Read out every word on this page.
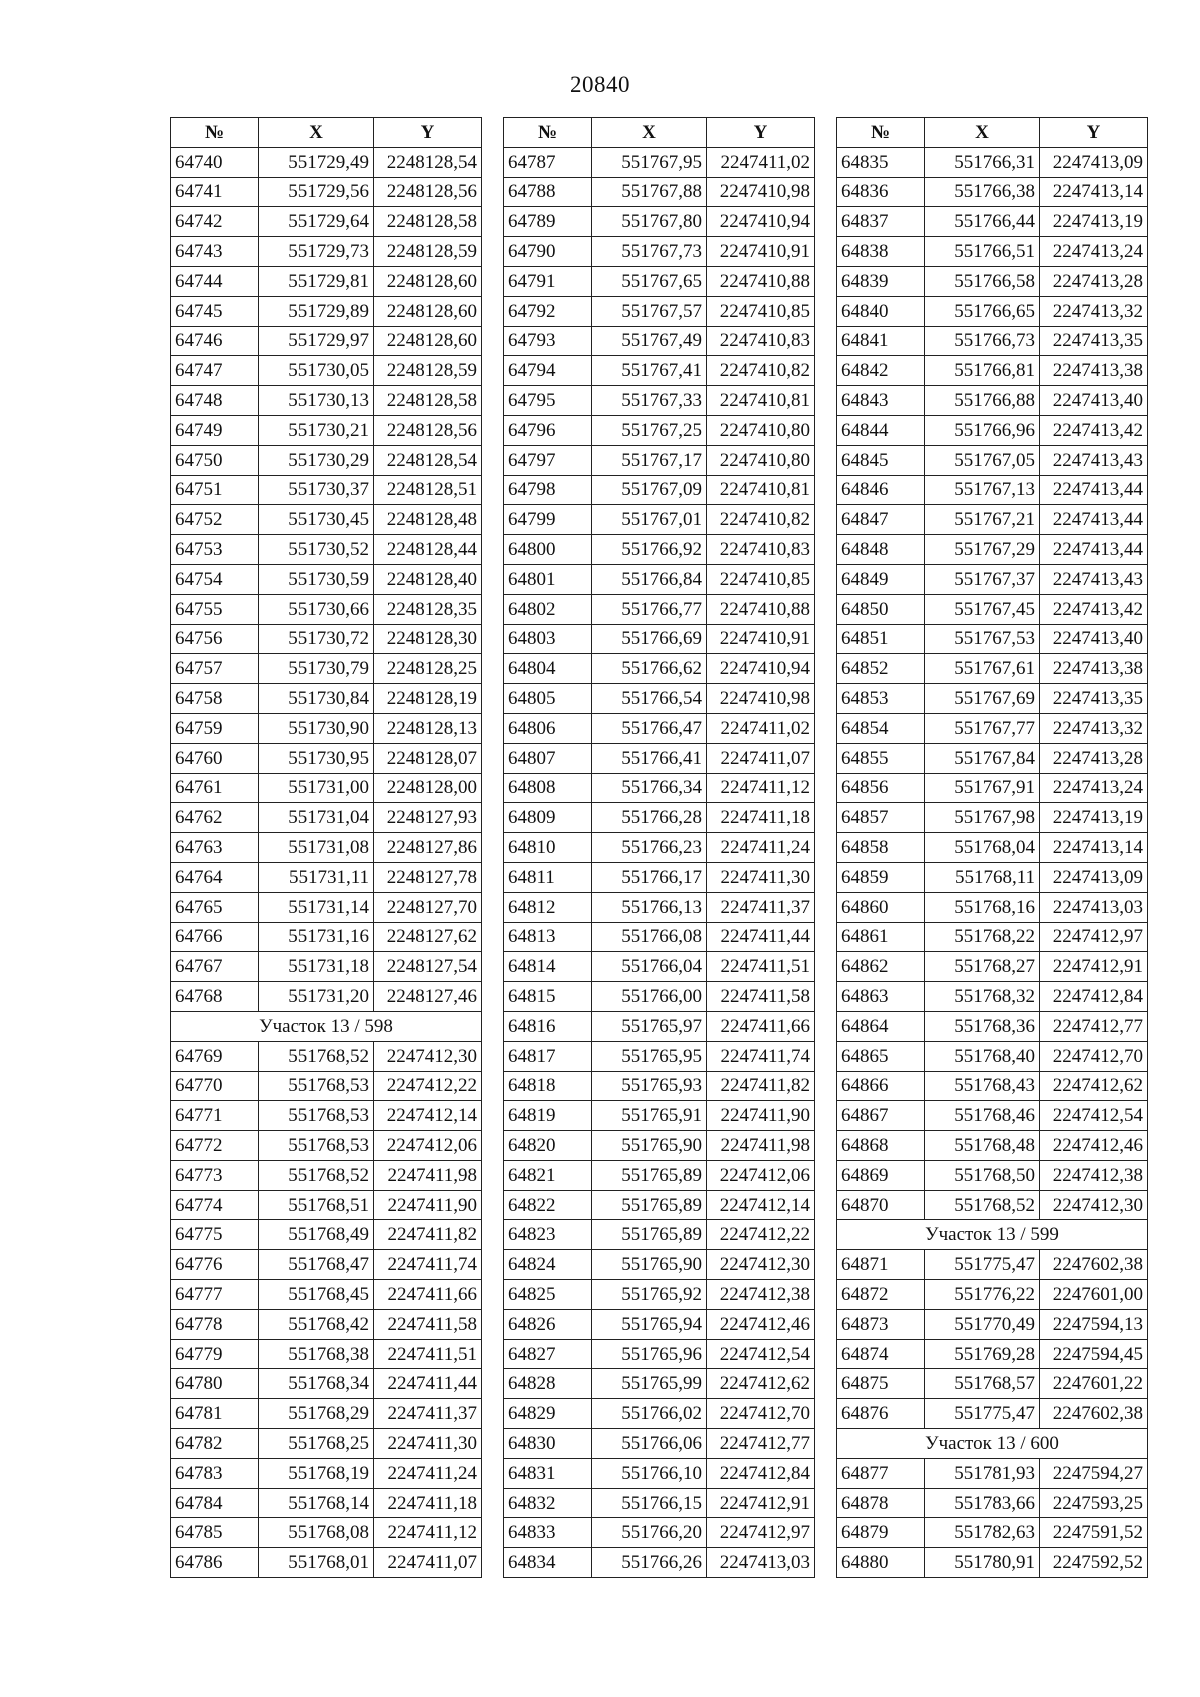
20840
№	X	Y
64740	551729,49	2248128,54
64741	551729,56	2248128,56
64742	551729,64	2248128,58
64743	551729,73	2248128,59
64744	551729,81	2248128,60
64745	551729,89	2248128,60
64746	551729,97	2248128,60
64747	551730,05	2248128,59
64748	551730,13	2248128,58
64749	551730,21	2248128,56
64750	551730,29	2248128,54
64751	551730,37	2248128,51
64752	551730,45	2248128,48
64753	551730,52	2248128,44
64754	551730,59	2248128,40
64755	551730,66	2248128,35
64756	551730,72	2248128,30
64757	551730,79	2248128,25
64758	551730,84	2248128,19
64759	551730,90	2248128,13
64760	551730,95	2248128,07
64761	551731,00	2248128,00
64762	551731,04	2248127,93
64763	551731,08	2248127,86
64764	551731,11	2248127,78
64765	551731,14	2248127,70
64766	551731,16	2248127,62
64767	551731,18	2248127,54
64768	551731,20	2248127,46
Участок 13 / 598		
64769	551768,52	2247412,30
64770	551768,53	2247412,22
64771	551768,53	2247412,14
64772	551768,53	2247412,06
64773	551768,52	2247411,98
64774	551768,51	2247411,90
64775	551768,49	2247411,82
64776	551768,47	2247411,74
64777	551768,45	2247411,66
64778	551768,42	2247411,58
64779	551768,38	2247411,51
64780	551768,34	2247411,44
64781	551768,29	2247411,37
64782	551768,25	2247411,30
64783	551768,19	2247411,24
64784	551768,14	2247411,18
64785	551768,08	2247411,12
64786	551768,01	2247411,07
№	X	Y
64787	551767,95	2247411,02
64788	551767,88	2247410,98
64789	551767,80	2247410,94
64790	551767,73	2247410,91
64791	551767,65	2247410,88
64792	551767,57	2247410,85
64793	551767,49	2247410,83
64794	551767,41	2247410,82
64795	551767,33	2247410,81
64796	551767,25	2247410,80
64797	551767,17	2247410,80
64798	551767,09	2247410,81
64799	551767,01	2247410,82
64800	551766,92	2247410,83
64801	551766,84	2247410,85
64802	551766,77	2247410,88
64803	551766,69	2247410,91
64804	551766,62	2247410,94
64805	551766,54	2247410,98
64806	551766,47	2247411,02
64807	551766,41	2247411,07
64808	551766,34	2247411,12
64809	551766,28	2247411,18
64810	551766,23	2247411,24
64811	551766,17	2247411,30
64812	551766,13	2247411,37
64813	551766,08	2247411,44
64814	551766,04	2247411,51
64815	551766,00	2247411,58
64816	551765,97	2247411,66
64817	551765,95	2247411,74
64818	551765,93	2247411,82
64819	551765,91	2247411,90
64820	551765,90	2247411,98
64821	551765,89	2247412,06
64822	551765,89	2247412,14
64823	551765,89	2247412,22
64824	551765,90	2247412,30
64825	551765,92	2247412,38
64826	551765,94	2247412,46
64827	551765,96	2247412,54
64828	551765,99	2247412,62
64829	551766,02	2247412,70
64830	551766,06	2247412,77
64831	551766,10	2247412,84
64832	551766,15	2247412,91
64833	551766,20	2247412,97
64834	551766,26	2247413,03
№	X	Y
64835	551766,31	2247413,09
64836	551766,38	2247413,14
64837	551766,44	2247413,19
64838	551766,51	2247413,24
64839	551766,58	2247413,28
64840	551766,65	2247413,32
64841	551766,73	2247413,35
64842	551766,81	2247413,38
64843	551766,88	2247413,40
64844	551766,96	2247413,42
64845	551767,05	2247413,43
64846	551767,13	2247413,44
64847	551767,21	2247413,44
64848	551767,29	2247413,44
64849	551767,37	2247413,43
64850	551767,45	2247413,42
64851	551767,53	2247413,40
64852	551767,61	2247413,38
64853	551767,69	2247413,35
64854	551767,77	2247413,32
64855	551767,84	2247413,28
64856	551767,91	2247413,24
64857	551767,98	2247413,19
64858	551768,04	2247413,14
64859	551768,11	2247413,09
64860	551768,16	2247413,03
64861	551768,22	2247412,97
64862	551768,27	2247412,91
64863	551768,32	2247412,84
64864	551768,36	2247412,77
64865	551768,40	2247412,70
64866	551768,43	2247412,62
64867	551768,46	2247412,54
64868	551768,48	2247412,46
64869	551768,50	2247412,38
64870	551768,52	2247412,30
Участок 13 / 599		
64871	551775,47	2247602,38
64872	551776,22	2247601,00
64873	551770,49	2247594,13
64874	551769,28	2247594,45
64875	551768,57	2247601,22
64876	551775,47	2247602,38
Участок 13 / 600		
64877	551781,93	2247594,27
64878	551783,66	2247593,25
64879	551782,63	2247591,52
64880	551780,91	2247592,52
